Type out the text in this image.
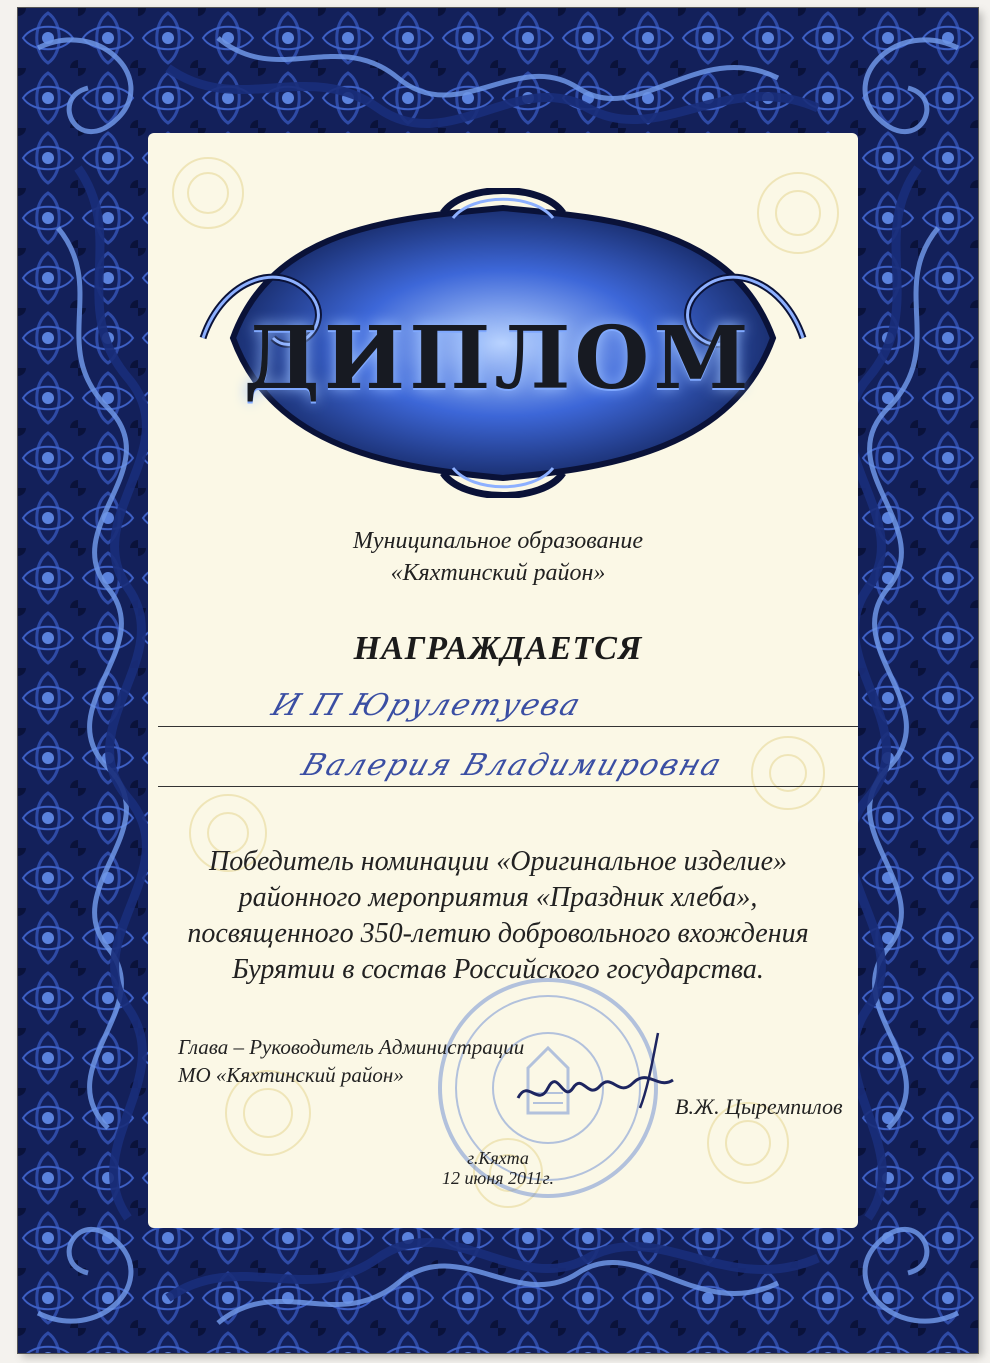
ДИПЛОМ
Муниципальное образование
«Кяхтинский район»
НАГРАЖДАЕТСЯ
И П Юрулетуева
Валерия Владимировна
Победитель номинации «Оригинальное изделие»
районного мероприятия «Праздник хлеба»,
посвященного 350-летию добровольного вхождения
Бурятии в состав Российского государства.
Глава – Руководитель Администрации
МО «Кяхтинский район»
В.Ж. Цыремпилов
г.Кяхта
12 июня 2011г.
